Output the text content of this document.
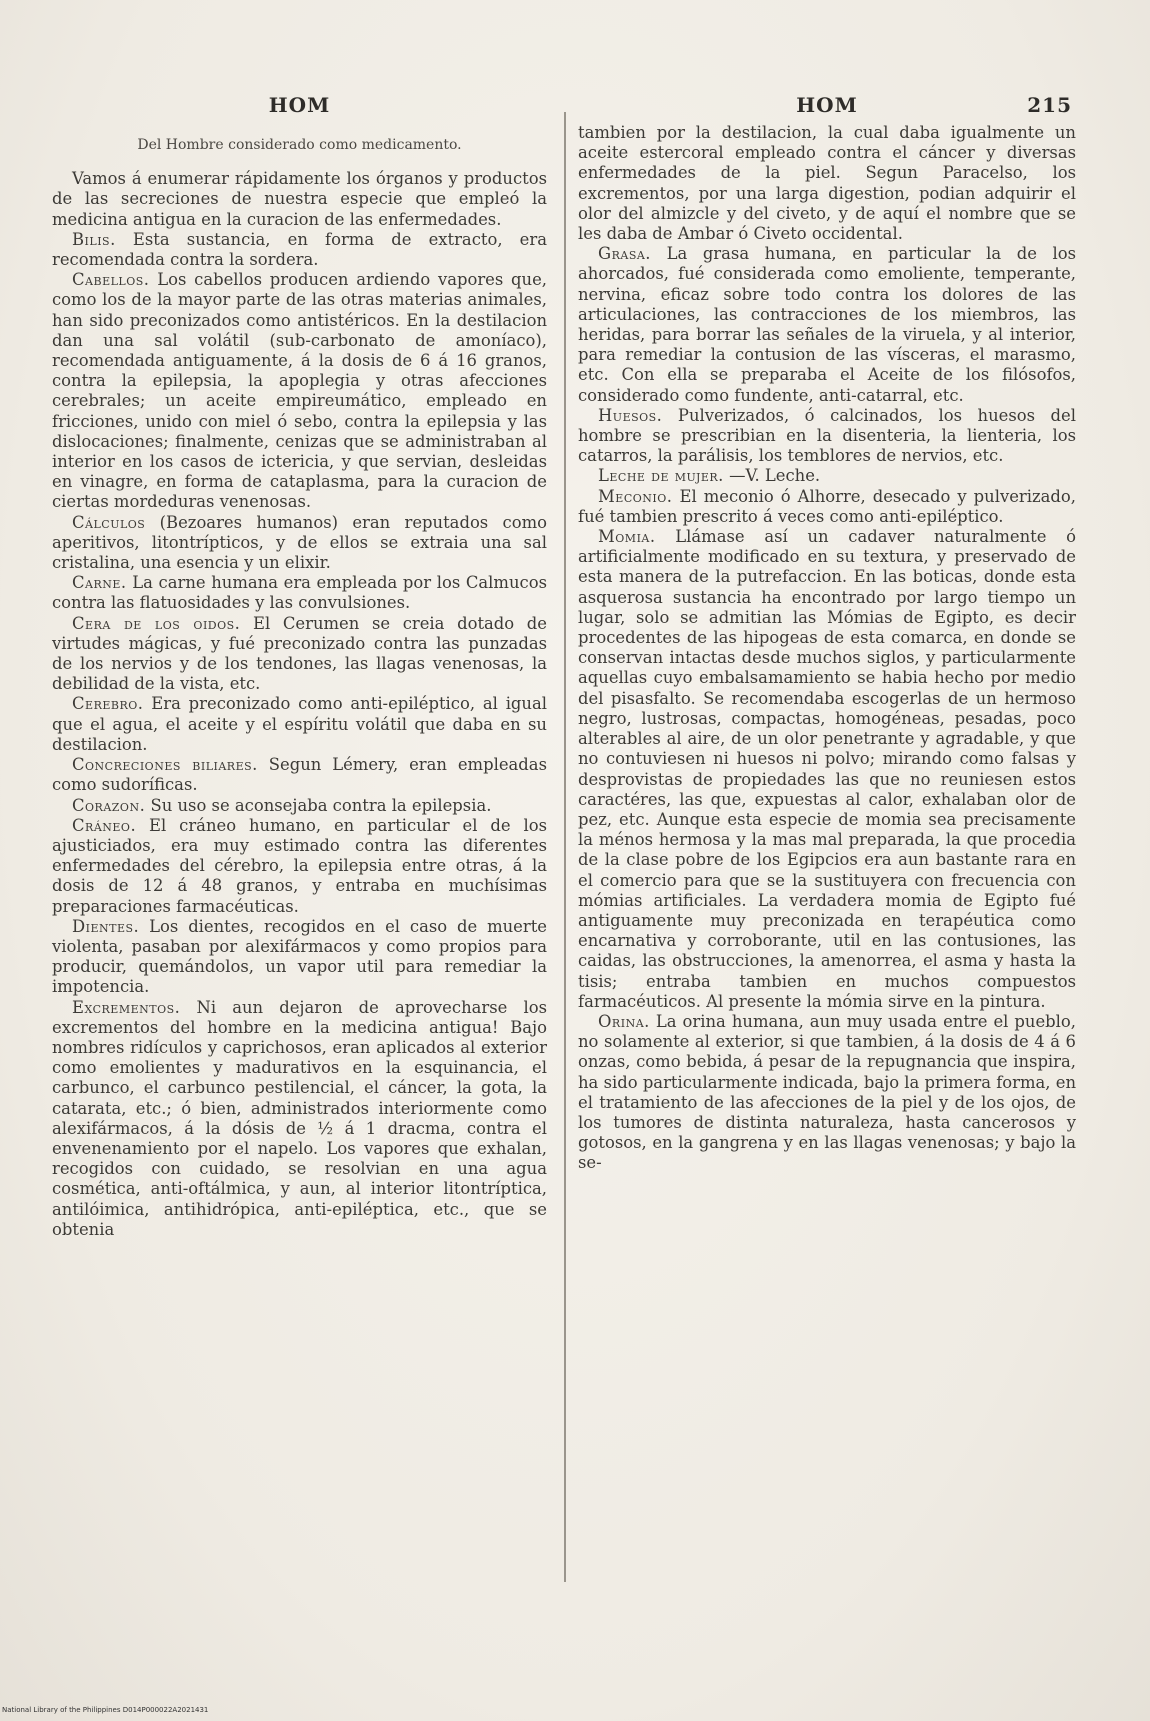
HOM
Del Hombre considerado como medicamento.

Vamos á enumerar rápidamente los órganos y productos de las secreciones de nuestra especie que empleó la medicina antigua en la curacion de las enfermedades.

Bilis. Esta sustancia, en forma de extracto, era recomendada contra la sordera.

Cabellos. Los cabellos producen ardiendo vapores que, como los de la mayor parte de las otras materias animales, han sido preconizados como antistéricos. En la destilacion dan una sal volátil (sub-carbonato de amoníaco), recomendada antiguamente, á la dosis de 6 á 16 granos, contra la epilepsia, la apoplegia y otras afecciones cerebrales; un aceite empireumático, empleado en fricciones, unido con miel ó sebo, contra la epilepsia y las dislocaciones; finalmente, cenizas que se administraban al interior en los casos de ictericia, y que servian, desleidas en vinagre, en forma de cataplasma, para la curacion de ciertas mordeduras venenosas.

Cálculos (Bezoares humanos) eran reputados como aperitivos, litontrípticos, y de ellos se extraia una sal cristalina, una esencia y un elixir.

Carne. La carne humana era empleada por los Calmucos contra las flatuosidades y las convulsiones.

Cera de los oidos. El Cerumen se creia dotado de virtudes mágicas, y fué preconizado contra las punzadas de los nervios y de los tendones, las llagas venenosas, la debilidad de la vista, etc.

Cerebro. Era preconizado como anti-epiléptico, al igual que el agua, el aceite y el espíritu volátil que daba en su destilacion.

Concreciones biliares. Segun Lémery, eran empleadas como sudoríficas.

Corazon. Su uso se aconsejaba contra la epilepsia.

Cráneo. El cráneo humano, en particular el de los ajusticiados, era muy estimado contra las diferentes enfermedades del cérebro, la epilepsia entre otras, á la dosis de 12 á 48 granos, y entraba en muchísimas preparaciones farmacéuticas.

Dientes. Los dientes, recogidos en el caso de muerte violenta, pasaban por alexifármacos y como propios para producir, quemándolos, un vapor util para remediar la impotencia.

Excrementos. Ni aun dejaron de aprovecharse los excrementos del hombre en la medicina antigua! Bajo nombres ridículos y caprichosos, eran aplicados al exterior como emolientes y madurativos en la esquinancia, el carbunco, el carbunco pestilencial, el cáncer, la gota, la catarata, etc.; ó bien, administrados interiormente como alexifármacos, á la dósis de ½ á 1 dracma, contra el envenenamiento por el napelo. Los vapores que exhalan, recogidos con cuidado, se resolvian en una agua cosmética, anti-oftálmica, y aun, al interior litontríptica, antilóimica, antihidrópica, anti-epiléptica, etc., que se obtenia

HOM	215

tambien por la destilacion, la cual daba igualmente un aceite estercoral empleado contra el cáncer y diversas enfermedades de la piel. Segun Paracelso, los excrementos, por una larga digestion, podian adquirir el olor del almizcle y del civeto, y de aquí el nombre que se les daba de Ambar ó Civeto occidental.

Grasa. La grasa humana, en particular la de los ahorcados, fué considerada como emoliente, temperante, nervina, eficaz sobre todo contra los dolores de las articulaciones, las contracciones de los miembros, las heridas, para borrar las señales de la viruela, y al interior, para remediar la contusion de las vísceras, el marasmo, etc. Con ella se preparaba el Aceite de los filósofos, considerado como fundente, anti-catarral, etc.

Huesos. Pulverizados, ó calcinados, los huesos del hombre se prescribian en la disenteria, la lienteria, los catarros, la parálisis, los temblores de nervios, etc.

Leche de mujer. —V. Leche.

Meconio. El meconio ó Alhorre, desecado y pulverizado, fué tambien prescrito á veces como anti-epiléptico.

Momia. Llámase así un cadaver naturalmente ó artificialmente modificado en su textura, y preservado de esta manera de la putrefaccion. En las boticas, donde esta asquerosa sustancia ha encontrado por largo tiempo un lugar, solo se admitian las Mómias de Egipto, es decir procedentes de las hipogeas de esta comarca, en donde se conservan intactas desde muchos siglos, y particularmente aquellas cuyo embalsamamiento se habia hecho por medio del pisasfalto. Se recomendaba escogerlas de un hermoso negro, lustrosas, compactas, homogéneas, pesadas, poco alterables al aire, de un olor penetrante y agradable, y que no contuviesen ni huesos ni polvo; mirando como falsas y desprovistas de propiedades las que no reuniesen estos caractéres, las que, expuestas al calor, exhalaban olor de pez, etc. Aunque esta especie de momia sea precisamente la ménos hermosa y la mas mal preparada, la que procedia de la clase pobre de los Egipcios era aun bastante rara en el comercio para que se la sustituyera con frecuencia con mómias artificiales. La verdadera momia de Egipto fué antiguamente muy preconizada en terapéutica como encarnativa y corroborante, util en las contusiones, las caidas, las obstrucciones, la amenorrea, el asma y hasta la tisis; entraba tambien en muchos compuestos farmacéuticos. Al presente la mómia sirve en la pintura.

Orina. La orina humana, aun muy usada entre el pueblo, no solamente al exterior, si que tambien, á la dosis de 4 á 6 onzas, como bebida, á pesar de la repugnancia que inspira, ha sido particularmente indicada, bajo la primera forma, en el tratamiento de las afecciones de la piel y de los ojos, de los tumores de distinta naturaleza, hasta cancerosos y gotosos, en la gangrena y en las llagas venenosas; y bajo la se-

National Library of the Philippines D014P000022A2021431
